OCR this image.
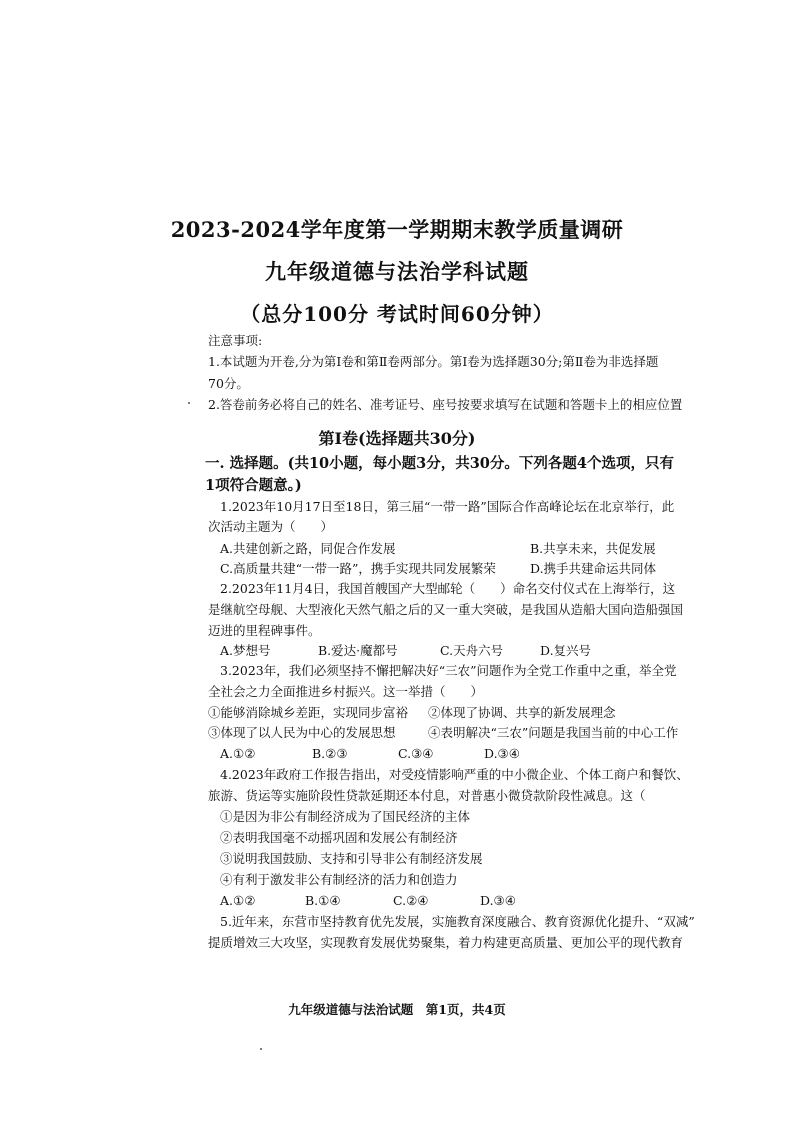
2023-2024学年度第一学期期末教学质量调研
九年级道德与法治学科试题
（总分100分 考试时间60分钟）
注意事项:
1.本试题为开卷,分为第Ⅰ卷和第Ⅱ卷两部分。第Ⅰ卷为选择题30分;第Ⅱ卷为非选择题
70分。
2.答卷前务必将自己的姓名、准考证号、座号按要求填写在试题和答题卡上的相应位置
第Ⅰ卷(选择题共30分)
一. 选择题。(共10小题，每小题3分，共30分。下列各题4个选项，只有
1项符合题意。)
1.2023年10月17日至18日，第三届“一带一路”国际合作高峰论坛在北京举行，此
次活动主题为（　　）
A.共建创新之路，同促合作发展	B.共享未来，共促发展
C.高质量共建“一带一路”，携手实现共同发展繁荣	D.携手共建命运共同体
2.2023年11月4日，我国首艘国产大型邮轮（　　）命名交付仪式在上海举行，这
是继航空母舰、大型液化天然气船之后的又一重大突破，是我国从造船大国向造船强国
迈进的里程碑事件。
A.梦想号	B.爱达·魔都号	C.天舟六号	D.复兴号
3.2023年，我们必须坚持不懈把解决好“三农”问题作为全党工作重中之重，举全党
全社会之力全面推进乡村振兴。这一举措（　　）
①能够消除城乡差距，实现同步富裕 ②体现了协调、共享的新发展理念
③体现了以人民为中心的发展思想	④表明解决“三农”问题是我国当前的中心工作
A.①②	B.②③	C.③④	D.③④
4.2023年政府工作报告指出，对受疫情影响严重的中小微企业、个体工商户和餐饮、
旅游、货运等实施阶段性贷款延期还本付息，对普惠小微贷款阶段性减息。这（
①是因为非公有制经济成为了国民经济的主体
②表明我国毫不动摇巩固和发展公有制经济
③说明我国鼓励、支持和引导非公有制经济发展
④有利于激发非公有制经济的活力和创造力
A.①②	B.①④	C.②④	D.③④
5.近年来，东营市坚持教育优先发展，实施教育深度融合、教育资源优化提升、“双减”
提质增效三大攻坚，实现教育发展优势聚集，着力构建更高质量、更加公平的现代教育
九年级道德与法治试题　第1页，共4页
